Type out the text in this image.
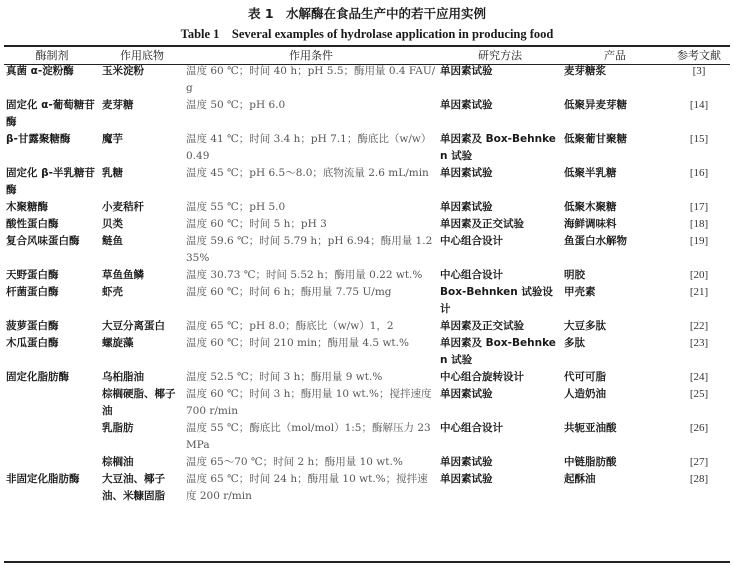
表 1　水解酶在食品生产中的若干应用实例
Table 1　Several examples of hydrolase application in producing food
酶制剂	作用底物	作用条件	研究方法	产品	参考文献
真菌 α-淀粉酶	玉米淀粉	温度 60 ℃；时间 40 h；pH 5.5；酶用量 0.4 FAU/g	单因素试验	麦芽糖浆	[3]
固定化 α-葡萄糖苷酶	麦芽糖	温度 50 ℃；pH 6.0	单因素试验	低聚异麦芽糖	[14]
β-甘露聚糖酶	魔芋	温度 41 ℃；时间 3.4 h；pH 7.1；酶底比（w/w）0.49	单因素及 Box-Behnken 试验	低聚葡甘聚糖	[15]
固定化 β-半乳糖苷酶	乳糖	温度 45 ℃；pH 6.5～8.0；底物流量 2.6 mL/min	单因素试验	低聚半乳糖	[16]
木聚糖酶	小麦秸秆	温度 55 ℃；pH 5.0	单因素试验	低聚木聚糖	[17]
酸性蛋白酶	贝类	温度 60 ℃；时间 5 h；pH 3	单因素及正交试验	海鲜调味料	[18]
复合风味蛋白酶	鲢鱼	温度 59.6 ℃；时间 5.79 h；pH 6.94；酶用量 1.235%	中心组合设计	鱼蛋白水解物	[19]
天野蛋白酶	草鱼鱼鳞	温度 30.73 ℃；时间 5.52 h；酶用量 0.22 wt.%	中心组合设计	明胶	[20]
杆菌蛋白酶	虾壳	温度 60 ℃；时间 6 h；酶用量 7.75 U/mg	Box-Behnken 试验设计	甲壳素	[21]
菠萝蛋白酶	大豆分离蛋白	温度 65 ℃；pH 8.0；酶底比（w/w）1，2	单因素及正交试验	大豆多肽	[22]
木瓜蛋白酶	螺旋藻	温度 60 ℃；时间 210 min；酶用量 4.5 wt.%	单因素及 Box-Behnken 试验	多肽	[23]
固定化脂肪酶	乌桕脂油	温度 52.5 ℃；时间 3 h；酶用量 9 wt.%	中心组合旋转设计	代可可脂	[24]
	棕榈硬脂、椰子油	温度 60 ℃；时间 3 h；酶用量 10 wt.%；搅拌速度 700 r/min	单因素试验	人造奶油	[25]
	乳脂肪	温度 55 ℃；酶底比（mol/mol）1:5；酶解压力 23MPa	中心组合设计	共轭亚油酸	[26]
	棕榈油	温度 65～70 ℃；时间 2 h；酶用量 10 wt.%	单因素试验	中链脂肪酸	[27]
非固定化脂肪酶	大豆油、椰子油、米糠固脂	温度 65 ℃；时间 24 h；酶用量 10 wt.%；搅拌速度 200 r/min	单因素试验	起酥油	[28]
